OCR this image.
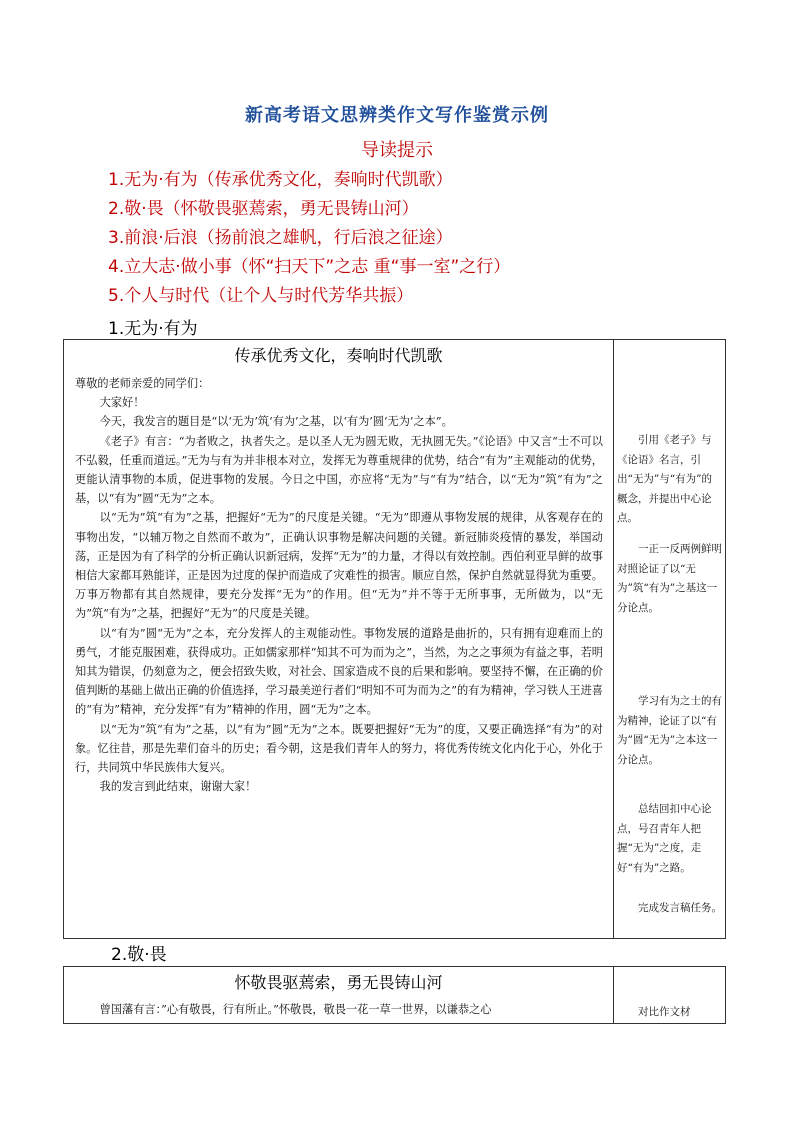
新高考语文思辨类作文写作鉴赏示例
导读提示
1.无为·有为（传承优秀文化，奏响时代凯歌）
2.敬·畏（怀敬畏驱蔫索，勇无畏铸山河）
3.前浪·后浪（扬前浪之雄帆，行后浪之征途）
4.立大志·做小事（怀“扫天下”之志 重“事一室”之行）
5.个人与时代（让个人与时代芳华共振）
1.无为·有为
传承优秀文化，奏响时代凯歌

尊敬的老师亲爱的同学们：

大家好！

今天，我发言的题目是“以‘无为’筑‘有为’之基，以‘有为’圆‘无为’之本”。

《老子》有言：“为者败之，执者失之。是以圣人无为圆无败，无执圆无失。”《论语》中又言“士不可以不弘毅，任重而道远。”无为与有为并非根本对立，发挥无为尊重规律的优势，结合“有为”主观能动的优势，更能认清事物的本质，促进事物的发展。今日之中国，亦应将“无为”与“有为”结合，以“无为”筑“有为”之基，以“有为”圆“无为”之本。

以“无为”筑“有为”之基，把握好“无为”的尺度是关键。“无为”即遵从事物发展的规律，从客观存在的事物出发，“以辅万物之自然而不敢为”，正确认识事物是解决问题的关键。新冠肺炎疫情的暴发，举国动荡，正是因为有了科学的分析正确认识新冠病，发挥“无为”的力量，才得以有效控制。西伯利亚旱鲜的故事相信大家都耳熟能详，正是因为过度的保护而造成了灾难性的损害。顺应自然，保护自然就显得犹为重要。万事万物都有其自然规律，要充分发挥“无为”的作用。但“无为”并不等于无所事事，无所做为，以“无为”筑“有为”之基，把握好“无为”的尺度是关键。

以“有为”圆“无为”之本，充分发挥人的主观能动性。事物发展的道路是曲折的，只有拥有迎难而上的勇气，才能克服困难，获得成功。正如儒家那样“知其不可为而为之”，当然，为之之事须为有益之事，若明知其为错误，仍刻意为之，便会招致失败，对社会、国家造成不良的后果和影响。要坚持不懈，在正确的价值判断的基础上做出正确的价值选择，学习最美逆行者们“明知不可为而为之”的有为精神，学习铁人王进喜的“有为”精神，充分发挥“有为”精神的作用，圆“无为”之本。

以“无为”筑“有为”之基，以“有为”圆“无为”之本。既要把握好“无为”的度，又要正确选择“有为”的对象。忆往昔，那是先辈们奋斗的历史；看今朝，这是我们青年人的努力，将优秀传统文化内化于心，外化于行，共同筑中华民族伟大复兴。

我的发言到此结束，谢谢大家！

引用《老子》与《论语》名言，引出“无为”与“有为”的概念，并提出中心论点。
一正一反两例鲜明对照论证了以“无为”筑“有为”之基这一分论点。
学习有为之士的有为精神，论证了以“有为”圆“无为”之本这一分论点。
总结回扣中心论点，号召青年人把握“无为”之度，走好“有为”之路。
完成发言稿任务。
2.敬·畏
怀敬畏驱蔫索，勇无畏铸山河

曾国藩有言：”心有敬畏，行有所止。”怀敬畏，敬畏一花一草一世界，以谦恭之心	对比作文材
